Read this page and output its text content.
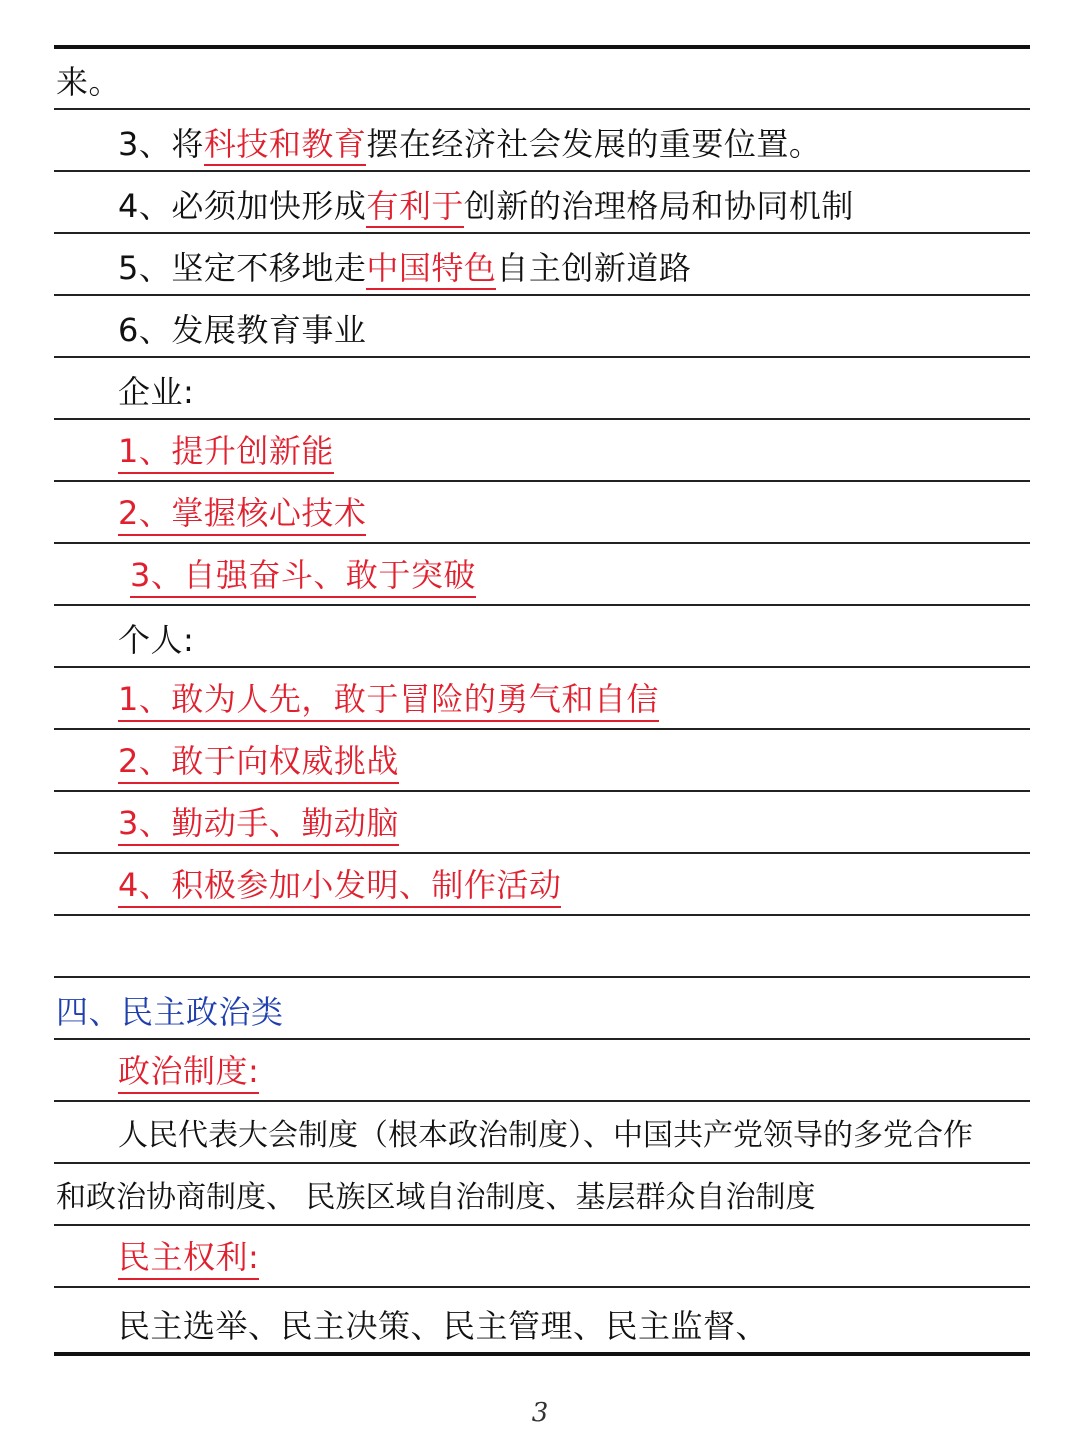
来。
3、将科技和教育摆在经济社会发展的重要位置。
4、必须加快形成有利于创新的治理格局和协同机制
5、坚定不移地走中国特色自主创新道路
6、发展教育事业
企业:
1、提升创新能
2、掌握核心技术
3、自强奋斗、敢于突破
个人:
1、敢为人先，敢于冒险的勇气和自信
2、敢于向权威挑战
3、勤动手、勤动脑
4、积极参加小发明、制作活动
四、民主政治类
政治制度:
人民代表大会制度（根本政治制度）、中国共产党领导的多党合作
和政治协商制度、 民族区域自治制度、基层群众自治制度
民主权利:
民主选举、民主决策、民主管理、民主监督、
3
